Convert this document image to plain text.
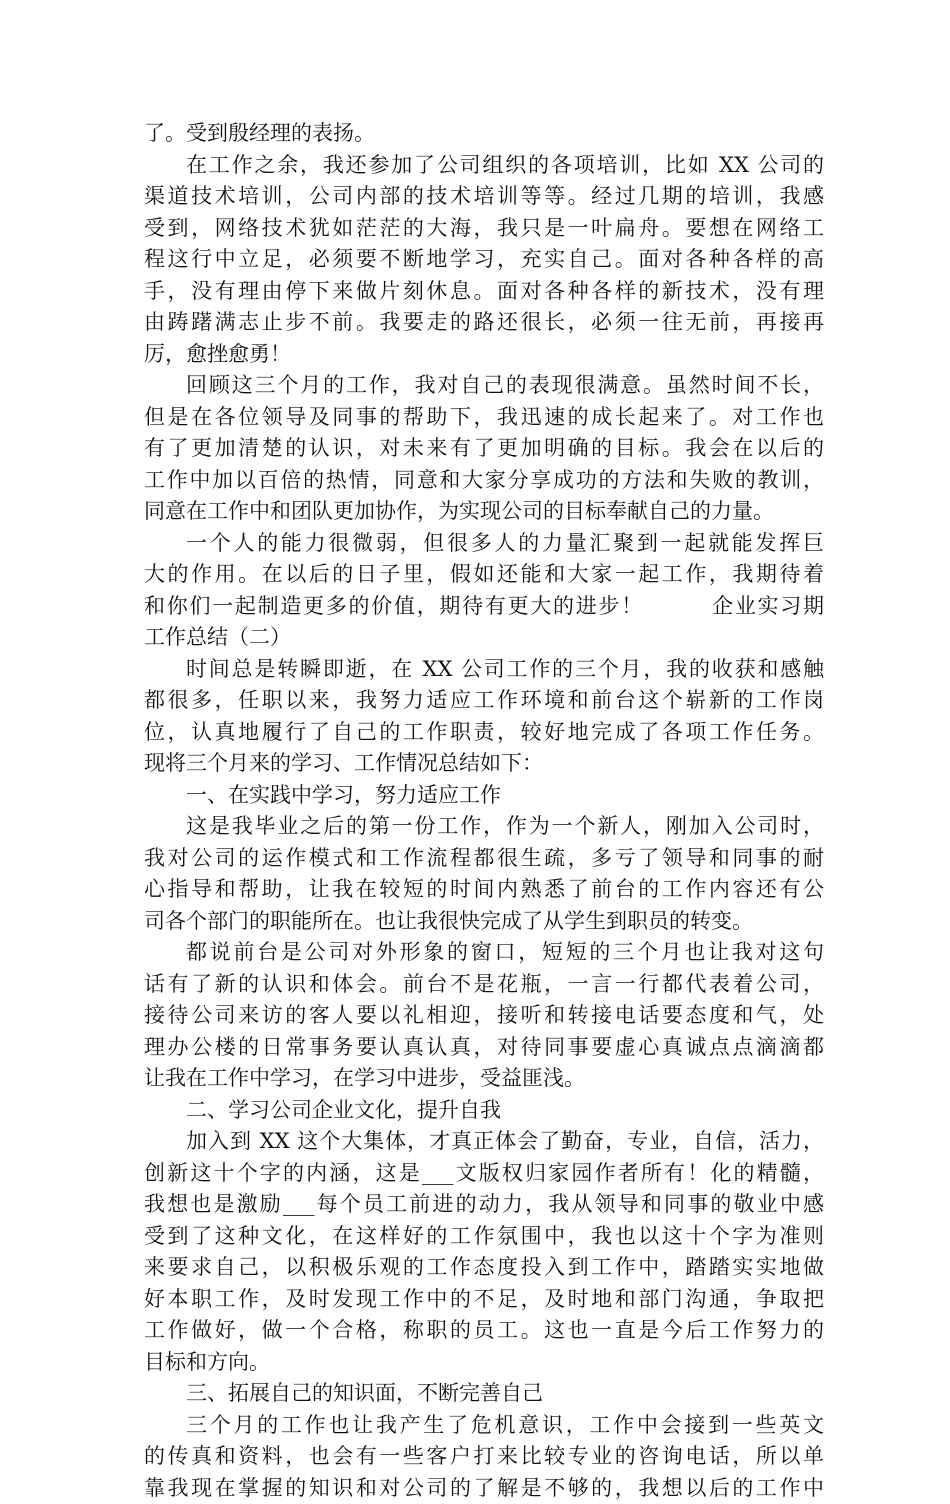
了。受到殷经理的表扬。
在工作之余，我还参加了公司组织的各项培训，比如 XX 公司的
渠道技术培训，公司内部的技术培训等等。经过几期的培训，我感
受到，网络技术犹如茫茫的大海，我只是一叶扁舟。要想在网络工
程这行中立足，必须要不断地学习，充实自己。面对各种各样的高
手，没有理由停下来做片刻休息。面对各种各样的新技术，没有理
由踌躇满志止步不前。我要走的路还很长，必须一往无前，再接再
厉，愈挫愈勇！
回顾这三个月的工作，我对自己的表现很满意。虽然时间不长，
但是在各位领导及同事的帮助下，我迅速的成长起来了。对工作也
有了更加清楚的认识，对未来有了更加明确的目标。我会在以后的
工作中加以百倍的热情，同意和大家分享成功的方法和失败的教训，
同意在工作中和团队更加协作，为实现公司的目标奉献自己的力量。
一个人的能力很微弱，但很多人的力量汇聚到一起就能发挥巨
大的作用。在以后的日子里，假如还能和大家一起工作，我期待着
和你们一起制造更多的价值，期待有更大的进步！　　　企业实习期
工作总结（二）
时间总是转瞬即逝，在 XX 公司工作的三个月，我的收获和感触
都很多，任职以来，我努力适应工作环境和前台这个崭新的工作岗
位，认真地履行了自己的工作职责，较好地完成了各项工作任务。
现将三个月来的学习、工作情况总结如下：
一、在实践中学习，努力适应工作
这是我毕业之后的第一份工作，作为一个新人，刚加入公司时，
我对公司的运作模式和工作流程都很生疏，多亏了领导和同事的耐
心指导和帮助，让我在较短的时间内熟悉了前台的工作内容还有公
司各个部门的职能所在。也让我很快完成了从学生到职员的转变。
都说前台是公司对外形象的窗口，短短的三个月也让我对这句
话有了新的认识和体会。前台不是花瓶，一言一行都代表着公司，
接待公司来访的客人要以礼相迎，接听和转接电话要态度和气，处
理办公楼的日常事务要认真认真，对待同事要虚心真诚点点滴滴都
让我在工作中学习，在学习中进步，受益匪浅。
二、学习公司企业文化，提升自我
加入到 XX 这个大集体，才真正体会了勤奋，专业，自信，活力，
创新这十个字的内涵，这是___文版权归家园作者所有！化的精髓，
我想也是激励___每个员工前进的动力，我从领导和同事的敬业中感
受到了这种文化，在这样好的工作氛围中，我也以这十个字为准则
来要求自己，以积极乐观的工作态度投入到工作中，踏踏实实地做
好本职工作，及时发现工作中的不足，及时地和部门沟通，争取把
工作做好，做一个合格，称职的员工。这也一直是今后工作努力的
目标和方向。
三、拓展自己的知识面，不断完善自己
三个月的工作也让我产生了危机意识，工作中会接到一些英文
的传真和资料，也会有一些客户打来比较专业的咨询电话，所以单
靠我现在掌握的知识和对公司的了解是不够的，我想以后的工作中
